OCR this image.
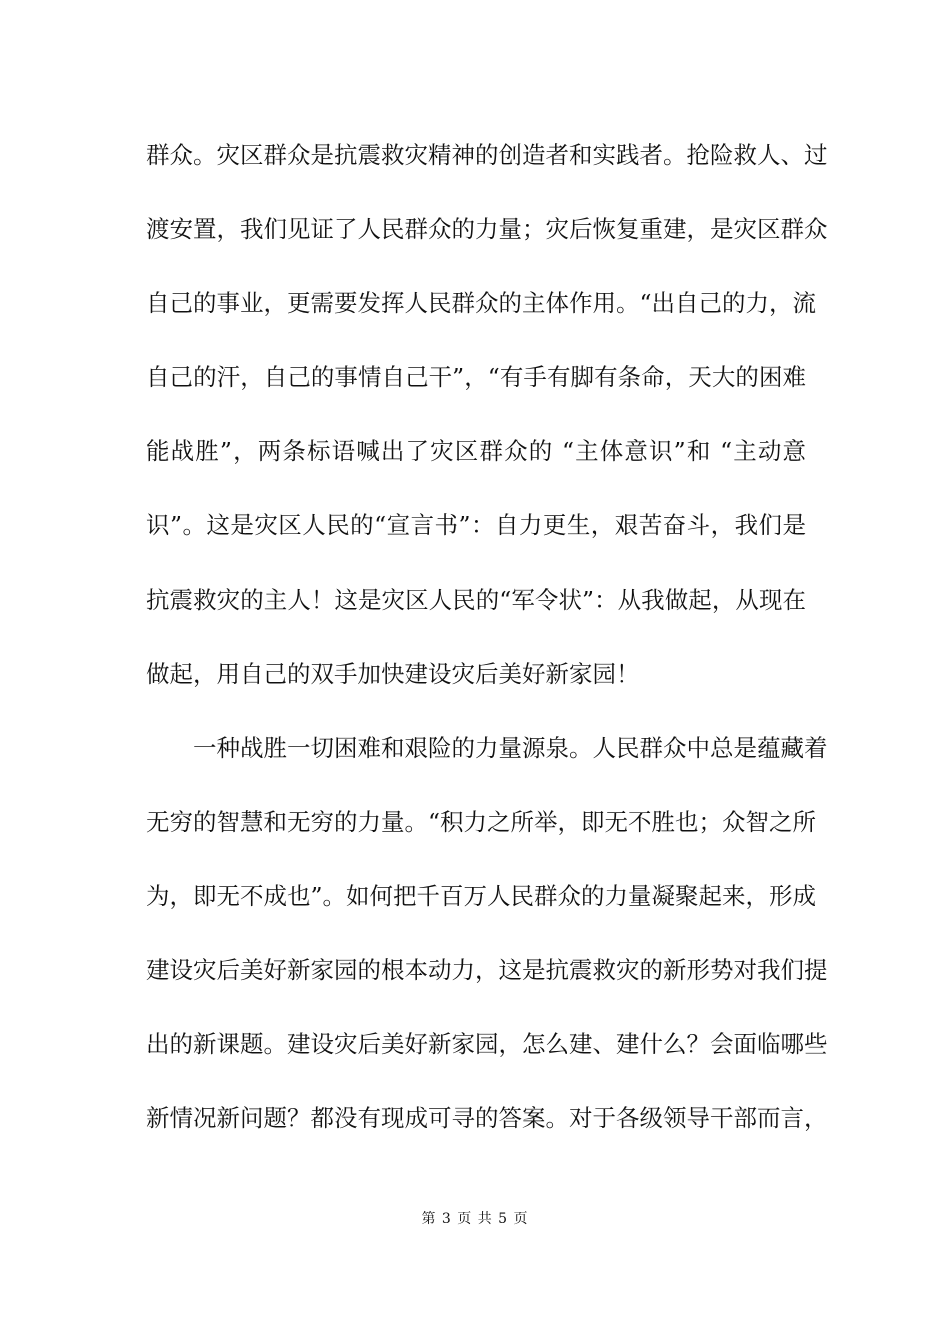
群众。灾区群众是抗震救灾精神的创造者和实践者。抢险救人、过
渡安置，我们见证了人民群众的力量；灾后恢复重建，是灾区群众
自己的事业，更需要发挥人民群众的主体作用。“出自己的力，流
自己的汗，自己的事情自己干”，“有手有脚有条命，天大的困难
能战胜”，两条标语喊出了灾区群众的 “主体意识”和 “主动意
识”。这是灾区人民的“宣言书”：自力更生，艰苦奋斗，我们是
抗震救灾的主人！这是灾区人民的“军令状”：从我做起，从现在
做起，用自己的双手加快建设灾后美好新家园！
一种战胜一切困难和艰险的力量源泉。人民群众中总是蕴藏着
无穷的智慧和无穷的力量。“积力之所举，即无不胜也；众智之所
为，即无不成也”。如何把千百万人民群众的力量凝聚起来，形成
建设灾后美好新家园的根本动力，这是抗震救灾的新形势对我们提
出的新课题。建设灾后美好新家园，怎么建、建什么？会面临哪些
新情况新问题？都没有现成可寻的答案。对于各级领导干部而言，
第 3 页 共 5 页
